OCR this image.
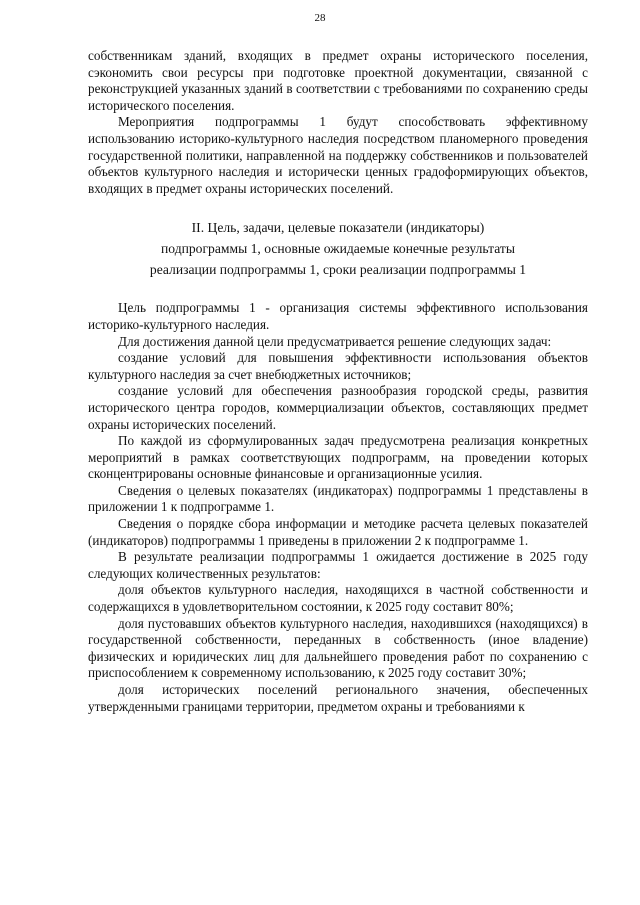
28

собственникам зданий, входящих в предмет охраны исторического поселения, сэкономить свои ресурсы при подготовке проектной документации, связанной с реконструкцией указанных зданий в соответствии с требованиями по сохранению среды исторического поселения.

Мероприятия подпрограммы 1 будут способствовать эффективному использованию историко-культурного наследия посредством планомерного проведения государственной политики, направленной на поддержку собственников и пользователей объектов культурного наследия и исторически ценных градоформирующих объектов, входящих в предмет охраны исторических поселений.

II. Цель, задачи, целевые показатели (индикаторы)
подпрограммы 1, основные ожидаемые конечные результаты
реализации подпрограммы 1, сроки реализации подпрограммы 1

Цель подпрограммы 1 - организация системы эффективного использования историко-культурного наследия.

Для достижения данной цели предусматривается решение следующих задач:

создание условий для повышения эффективности использования объектов культурного наследия за счет внебюджетных источников;

создание условий для обеспечения разнообразия городской среды, развития исторического центра городов, коммерциализации объектов, составляющих предмет охраны исторических поселений.

По каждой из сформулированных задач предусмотрена реализация конкретных мероприятий в рамках соответствующих подпрограмм, на проведении которых сконцентрированы основные финансовые и организационные усилия.

Сведения о целевых показателях (индикаторах) подпрограммы 1 представлены в приложении 1 к подпрограмме 1.

Сведения о порядке сбора информации и методике расчета целевых показателей (индикаторов) подпрограммы 1 приведены в приложении 2 к подпрограмме 1.

В результате реализации подпрограммы 1 ожидается достижение в 2025 году следующих количественных результатов:

доля объектов культурного наследия, находящихся в частной собственности и содержащихся в удовлетворительном состоянии, к 2025 году составит 80%;

доля пустовавших объектов культурного наследия, находившихся (находящихся) в государственной собственности, переданных в собственность (иное владение) физических и юридических лиц для дальнейшего проведения работ по сохранению с приспособлением к современному использованию, к 2025 году составит 30%;

доля исторических поселений регионального значения, обеспеченных утвержденными границами территории, предметом охраны и требованиями к
